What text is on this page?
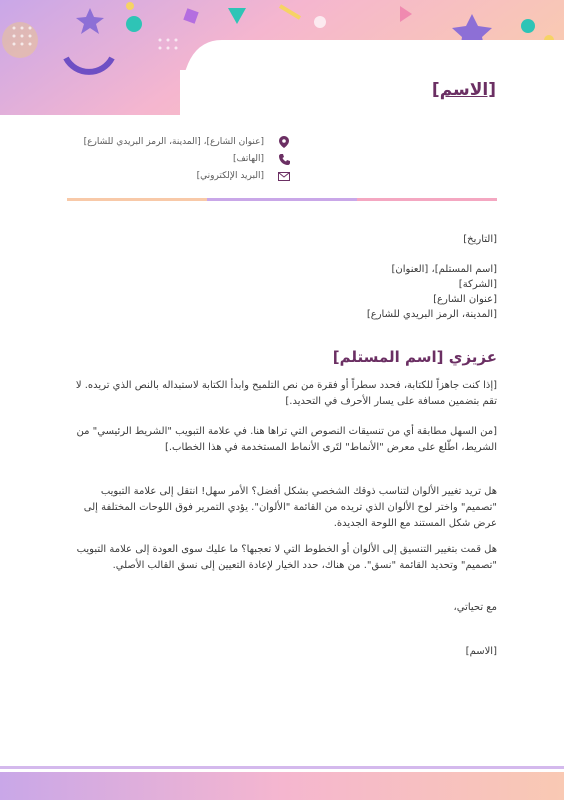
[الاسم]
[عنوان الشارع]، [المدينة، الرمز البريدي للشارع]
[الهاتف]
[البريد الإلكتروني]
[التاريخ]
[اسم المستلم]، [العنوان]
[الشركة]
[عنوان الشارع]
[المدينة، الرمز البريدي للشارع]
عزيزي [اسم المستلم]

[إذا كنت جاهزاً للكتابة، فحدد سطراً أو فقرة من نص التلميح وابدأ الكتابة لاستبداله بالنص الذي تريده. لا تقم بتضمين مسافة على يسار الأحرف في التحديد.]

[من السهل مطابقة أي من تنسيقات النصوص التي تراها هنا. في علامة التبويب "الشريط الرئيسي" من الشريط، اطّلع على معرض "الأنماط" لتَرى الأنماط المستخدمة في هذا الخطاب.]

هل تريد تغيير الألوان لتناسب ذوقك الشخصي بشكل أفضل؟ الأمر سهل! انتقل إلى علامة التبويب "تصميم" واختر لوح الألوان الذي تريده من القائمة "الألوان". يؤدي التمرير فوق اللوحات المختلفة إلى عرض شكل المستند مع اللوحة الجديدة.

هل قمت بتغيير التنسيق إلى الألوان أو الخطوط التي لا تعجبها؟ ما عليك سوى العودة إلى علامة التبويب "تصميم" وتحديد القائمة "نسق". من هناك، حدد الخيار لإعادة التعيين إلى نسق القالب الأصلي.

مع تحياتي،
[الاسم]
